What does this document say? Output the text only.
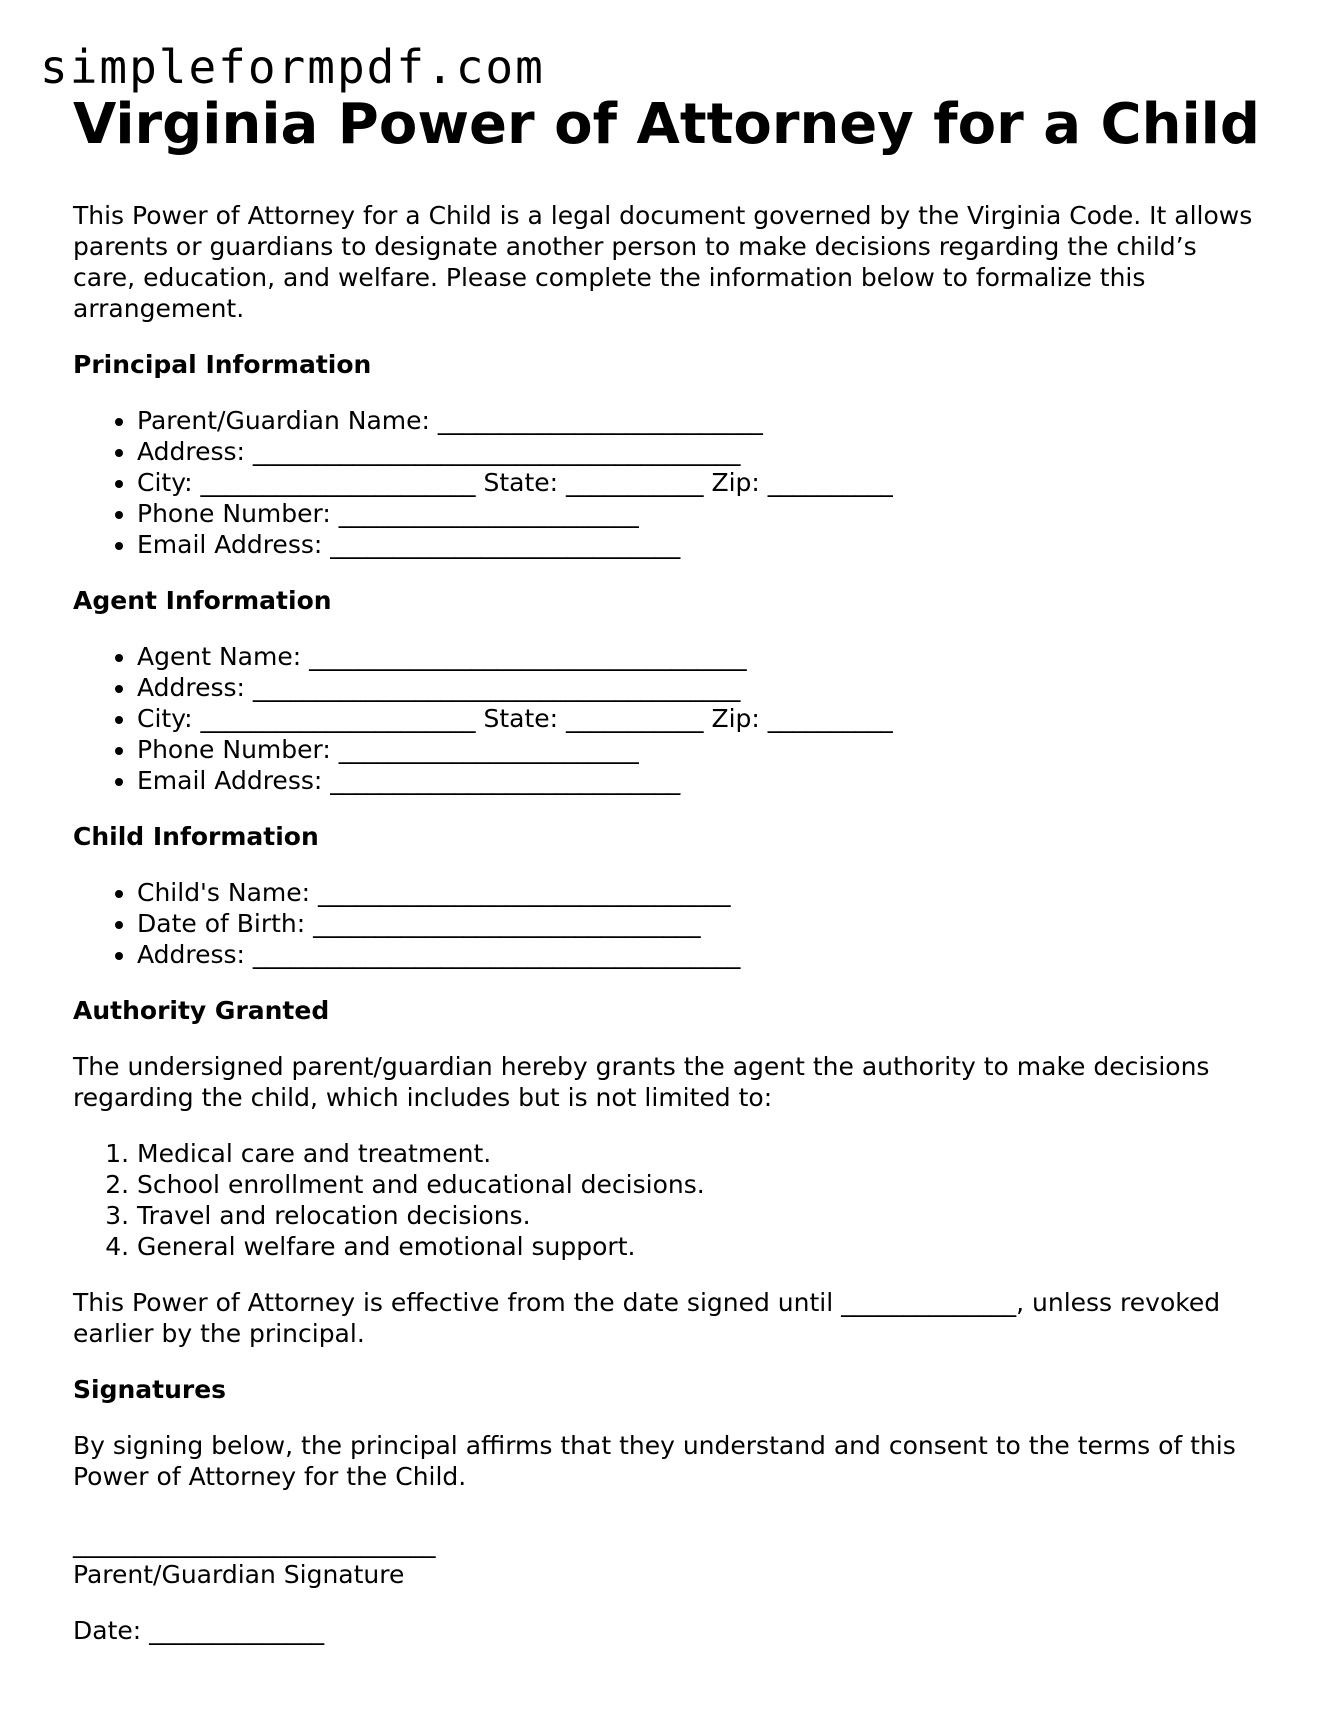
simpleformpdf.com
Virginia Power of Attorney for a Child

This Power of Attorney for a Child is a legal document governed by the Virginia Code. It allows parents or guardians to designate another person to make decisions regarding the child’s care, education, and welfare. Please complete the information below to formalize this arrangement.

Principal Information
• Parent/Guardian Name: __________________________
• Address: _______________________________________
• City: ______________________ State: ___________ Zip: __________
• Phone Number: ________________________
• Email Address: ____________________________
Agent Information
• Agent Name: ___________________________________
• Address: _______________________________________
• City: ______________________ State: ___________ Zip: __________
• Phone Number: ________________________
• Email Address: ____________________________
Child Information
• Child's Name: _________________________________
• Date of Birth: _______________________________
• Address: _______________________________________
Authority Granted

The undersigned parent/guardian hereby grants the agent the authority to make decisions regarding the child, which includes but is not limited to:

1. Medical care and treatment.
2. School enrollment and educational decisions.
3. Travel and relocation decisions.
4. General welfare and emotional support.

This Power of Attorney is effective from the date signed until ______________, unless revoked earlier by the principal.

Signatures

By signing below, the principal affirms that they understand and consent to the terms of this Power of Attorney for the Child.

_____________________________

Parent/Guardian Signature

Date: ______________
